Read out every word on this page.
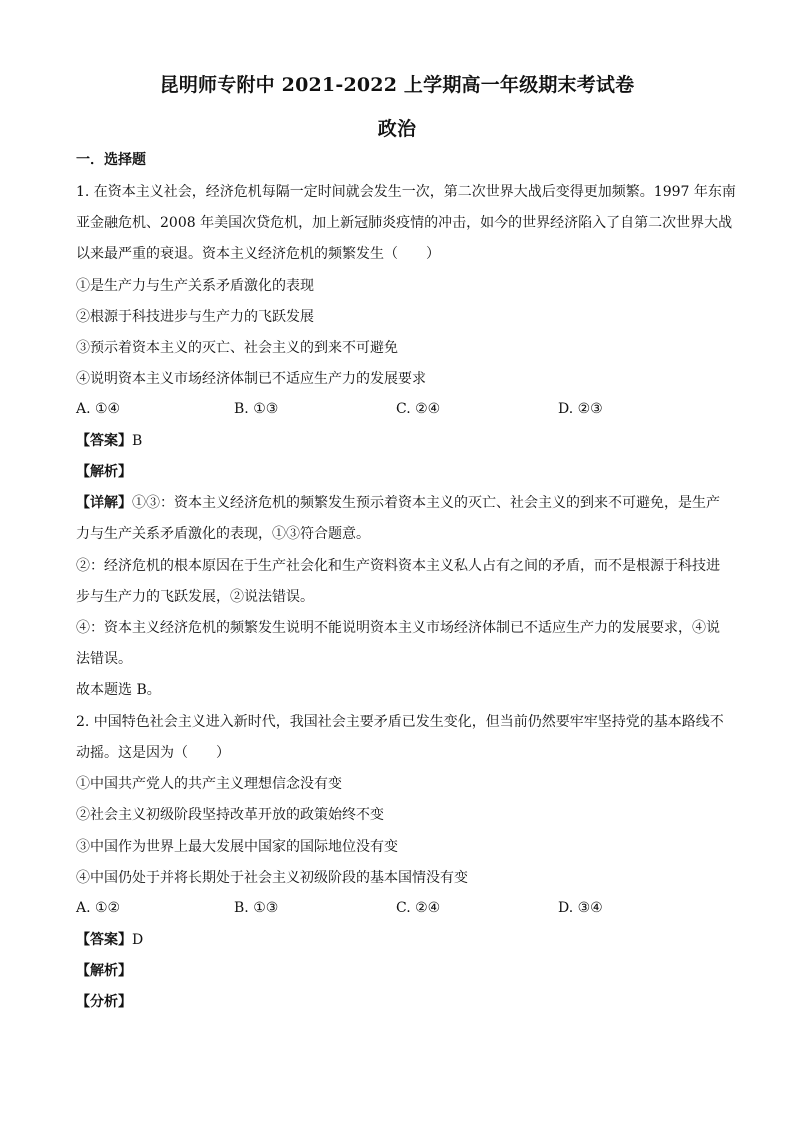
昆明师专附中 2021-2022 上学期高一年级期末考试卷
政治
一．选择题
1. 在资本主义社会，经济危机每隔一定时间就会发生一次，第二次世界大战后变得更加频繁。1997 年东南
亚金融危机、2008 年美国次贷危机，加上新冠肺炎疫情的冲击，如今的世界经济陷入了自第二次世界大战
以来最严重的衰退。资本主义经济危机的频繁发生（　　）
①是生产力与生产关系矛盾激化的表现
②根源于科技进步与生产力的飞跃发展
③预示着资本主义的灭亡、社会主义的到来不可避免
④说明资本主义市场经济体制已不适应生产力的发展要求
A. ①④	B. ①③	C. ②④	D. ②③
【答案】B
【解析】
【详解】①③：资本主义经济危机的频繁发生预示着资本主义的灭亡、社会主义的到来不可避免，是生产
力与生产关系矛盾激化的表现，①③符合题意。
②：经济危机的根本原因在于生产社会化和生产资料资本主义私人占有之间的矛盾，而不是根源于科技进
步与生产力的飞跃发展，②说法错误。
④：资本主义经济危机的频繁发生说明不能说明资本主义市场经济体制已不适应生产力的发展要求，④说
法错误。
故本题选 B。
2. 中国特色社会主义进入新时代，我国社会主要矛盾已发生变化，但当前仍然要牢牢坚持党的基本路线不
动摇。这是因为（　　）
①中国共产党人的共产主义理想信念没有变
②社会主义初级阶段坚持改革开放的政策始终不变
③中国作为世界上最大发展中国家的国际地位没有变
④中国仍处于并将长期处于社会主义初级阶段的基本国情没有变
A. ①②	B. ①③	C. ②④	D. ③④
【答案】D
【解析】
【分析】
